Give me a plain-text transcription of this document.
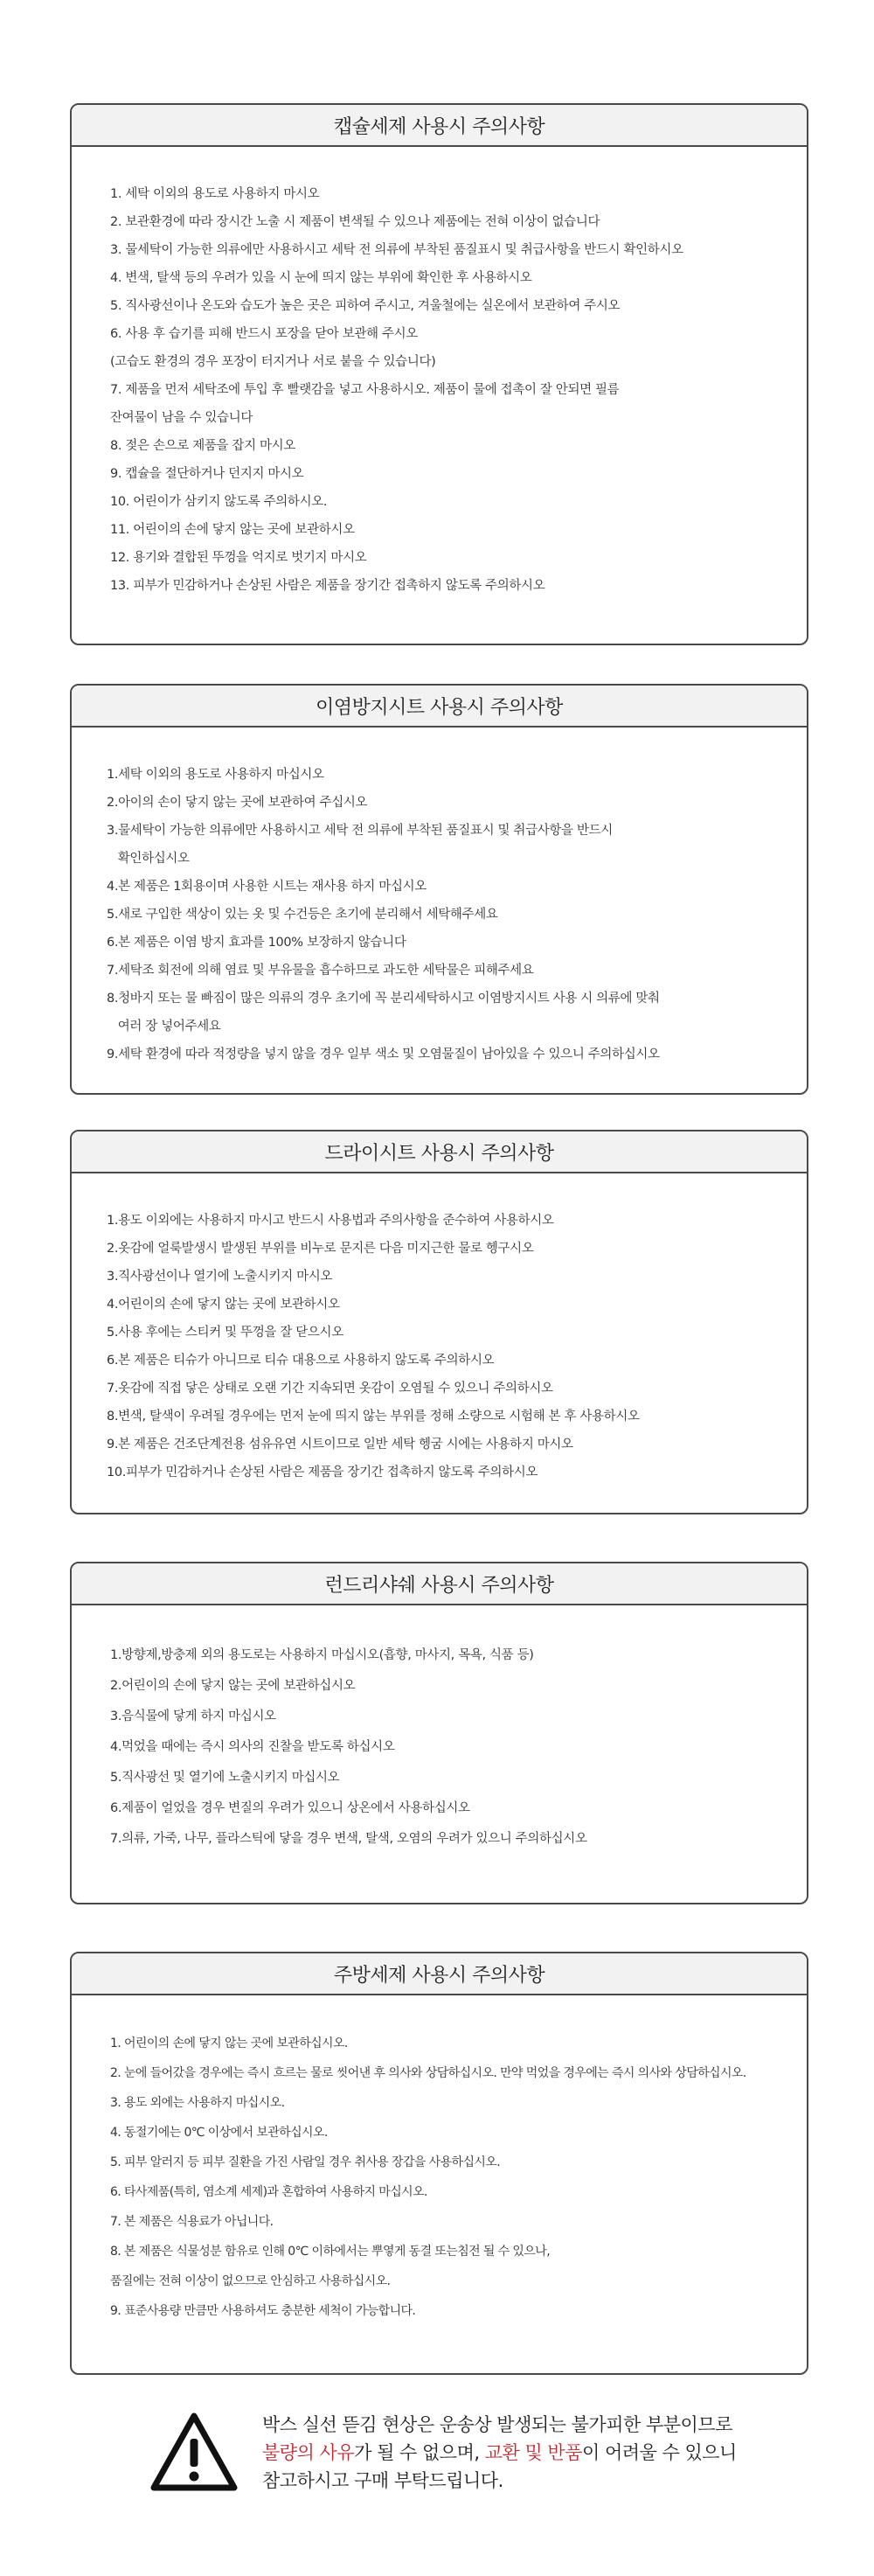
캡슐세제 사용시 주의사항
1. 세탁 이외의 용도로 사용하지 마시오
2. 보관환경에 따라 장시간 노출 시 제품이 변색될 수 있으나 제품에는 전혀 이상이 없습니다
3. 물세탁이 가능한 의류에만 사용하시고 세탁 전 의류에 부착된 품질표시 및 취급사항을 반드시 확인하시오
4. 변색, 탈색 등의 우려가 있을 시 눈에 띄지 않는 부위에 확인한 후 사용하시오
5. 직사광선이나 온도와 습도가 높은 곳은 피하여 주시고, 겨울철에는 실온에서 보관하여 주시오
6. 사용 후 습기를 피해 반드시 포장을 닫아 보관해 주시오
(고습도 환경의 경우 포장이 터지거나 서로 붙을 수 있습니다)
7. 제품을 먼저 세탁조에 투입 후 빨랫감을 넣고 사용하시오. 제품이 물에 접촉이 잘 안되면 필름
잔여물이 남을 수 있습니다
8. 젖은 손으로 제품을 잡지 마시오
9. 캡슐을 절단하거나 던지지 마시오
10. 어린이가 삼키지 않도록 주의하시오.
11. 어린이의 손에 닿지 않는 곳에 보관하시오
12. 용기와 결합된 뚜껑을 억지로 벗기지 마시오
13. 피부가 민감하거나 손상된 사람은 제품을 장기간 접촉하지 않도록 주의하시오
이염방지시트 사용시 주의사항
1.세탁 이외의 용도로 사용하지 마십시오
2.아이의 손이 닿지 않는 곳에 보관하여 주십시오
3.물세탁이 가능한 의류에만 사용하시고 세탁 전 의류에 부착된 품질표시 및 취급사항을 반드시
확인하십시오
4.본 제품은 1회용이며 사용한 시트는 재사용 하지 마십시오
5.새로 구입한 색상이 있는 옷 및 수건등은 초기에 분리해서 세탁해주세요
6.본 제품은 이염 방지 효과를 100% 보장하지 않습니다
7.세탁조 회전에 의해 염료 및 부유물을 흡수하므로 과도한 세탁물은 피해주세요
8.청바지 또는 물 빠짐이 많은 의류의 경우 초기에 꼭 분리세탁하시고 이염방지시트 사용 시 의류에 맞춰
여러 장 넣어주세요
9.세탁 환경에 따라 적정량을 넣지 않을 경우 일부 색소 및 오염물질이 남아있을 수 있으니 주의하십시오
드라이시트 사용시 주의사항
1.용도 이외에는 사용하지 마시고 반드시 사용법과 주의사항을 준수하여 사용하시오
2.옷감에 얼룩발생시 발생된 부위를 비누로 문지른 다음 미지근한 물로 헹구시오
3.직사광선이나 열기에 노출시키지 마시오
4.어린이의 손에 닿지 않는 곳에 보관하시오
5.사용 후에는 스티커 및 뚜껑을 잘 닫으시오
6.본 제품은 티슈가 아니므로 티슈 대용으로 사용하지 않도록 주의하시오
7.옷감에 직접 닿은 상태로 오랜 기간 지속되면 옷감이 오염될 수 있으니 주의하시오
8.변색, 탈색이 우려될 경우에는 먼저 눈에 띄지 않는 부위를 정해 소량으로 시험해 본 후 사용하시오
9.본 제품은 건조단계전용 섬유유연 시트이므로 일반 세탁 헹굼 시에는 사용하지 마시오
10.피부가 민감하거나 손상된 사람은 제품을 장기간 접촉하지 않도록 주의하시오
런드리샤쉐 사용시 주의사항
1.방향제,방충제 외의 용도로는 사용하지 마십시오(흡향, 마사지, 목욕, 식품 등)
2.어린이의 손에 닿지 않는 곳에 보관하십시오
3.음식물에 닿게 하지 마십시오
4.먹었을 때에는 즉시 의사의 진찰을 받도록 하십시오
5.직사광선 및 열기에 노출시키지 마십시오
6.제품이 얼었을 경우 변질의 우려가 있으니 상온에서 사용하십시오
7.의류, 가죽, 나무, 플라스틱에 닿을 경우 변색, 탈색, 오염의 우려가 있으니 주의하십시오
주방세제 사용시 주의사항
1. 어린이의 손에 닿지 않는 곳에 보관하십시오.
2. 눈에 들어갔을 경우에는 즉시 흐르는 물로 씻어낸 후 의사와 상담하십시오. 만약 먹었을 경우에는 즉시 의사와 상담하십시오.
3. 용도 외에는 사용하지 마십시오.
4. 동절기에는 0℃ 이상에서 보관하십시오.
5. 피부 알러지 등 피부 질환을 가진 사람일 경우 취사용 장갑을 사용하십시오.
6. 타사제품(특히, 염소계 세제)과 혼합하여 사용하지 마십시오.
7. 본 제품은 식용료가 아닙니다.
8. 본 제품은 식물성분 함유로 인해 0℃ 이하에서는 뿌옇게 동결 또는침전 될 수 있으나,
품질에는 전혀 이상이 없으므로 안심하고 사용하십시오.
9. 표준사용량 만큼만 사용하셔도 충분한 세척이 가능합니다.
박스 실선 뜯김 현상은 운송상 발생되는 불가피한 부분이므로
불량의 사유가 될 수 없으며, 교환 및 반품이 어려울 수 있으니
참고하시고 구매 부탁드립니다.
